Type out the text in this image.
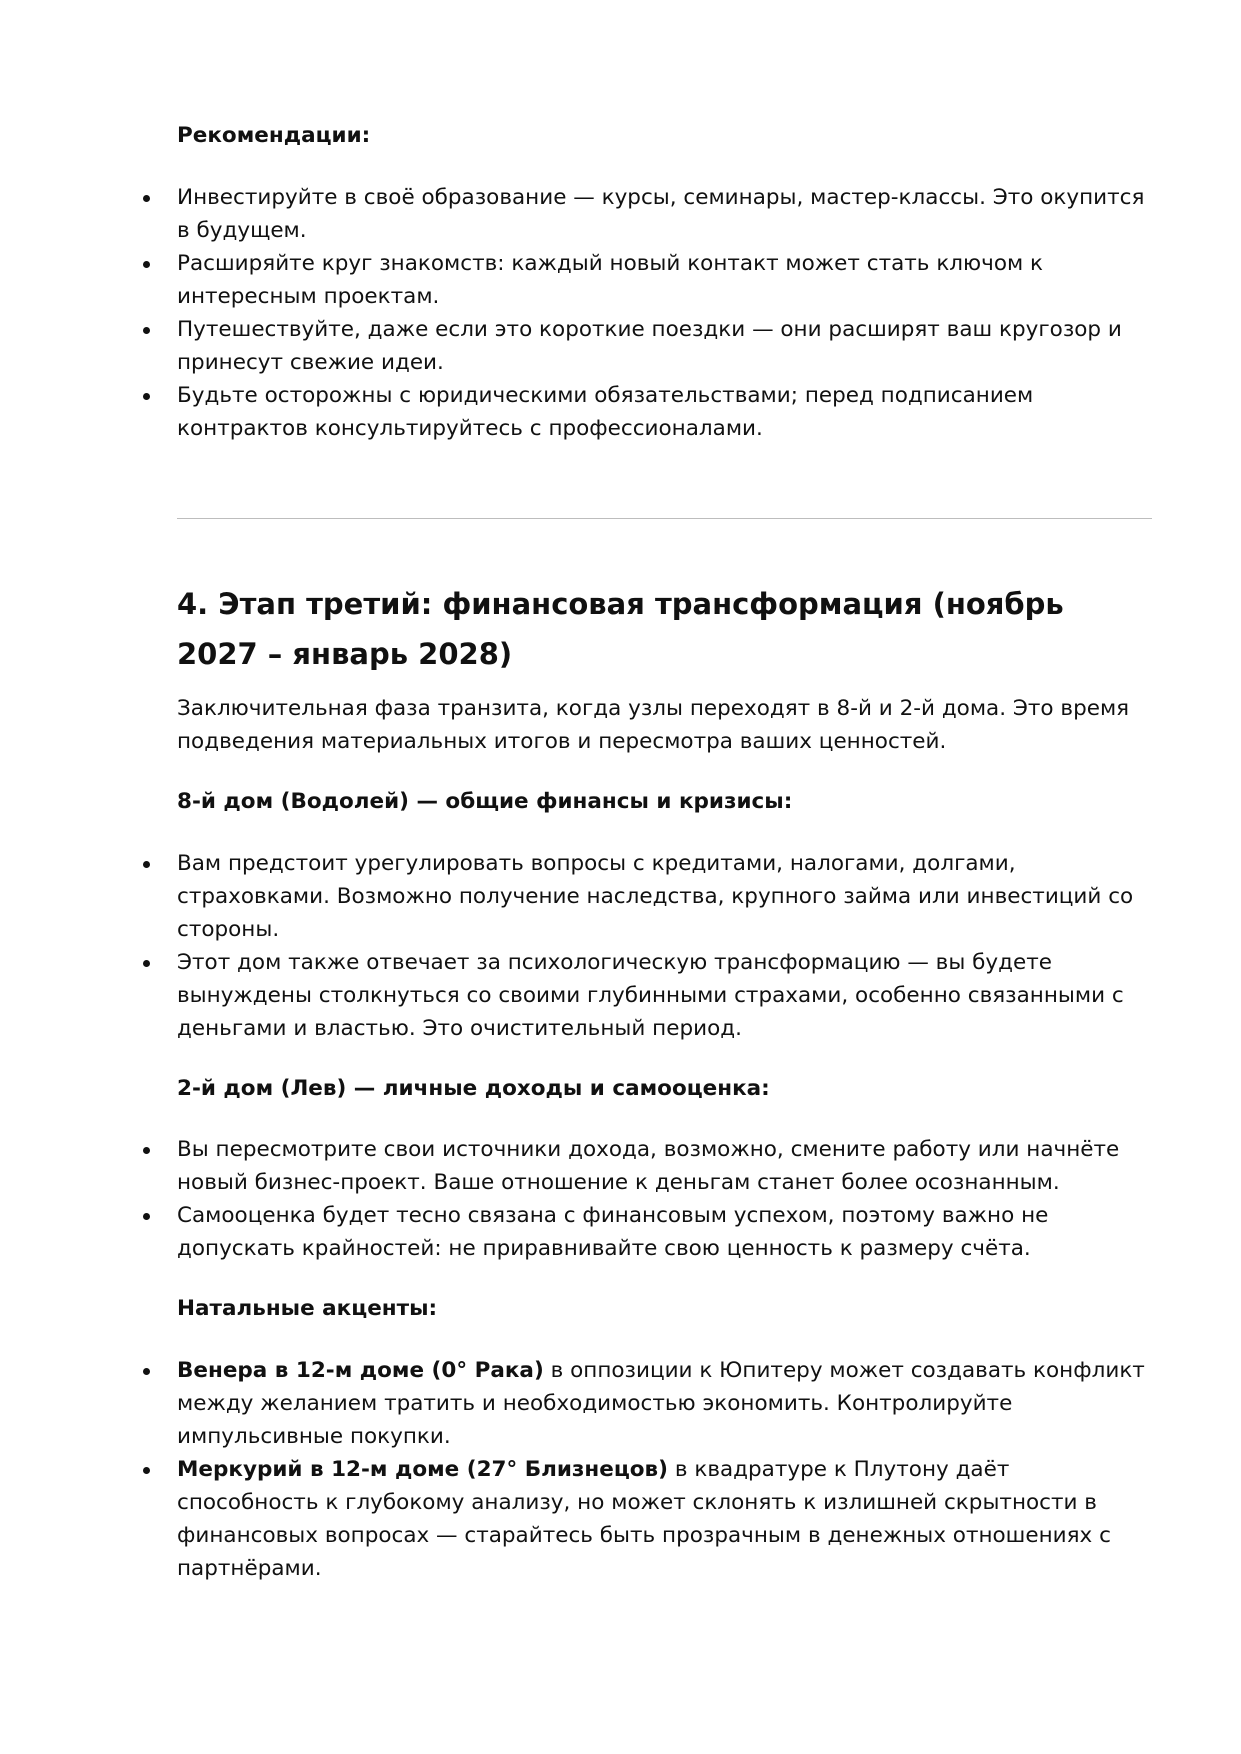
Рекомендации:

Инвестируйте в своё образование — курсы, семинары, мастер-классы. Это окупится в будущем.
Расширяйте круг знакомств: каждый новый контакт может стать ключом к интересным проектам.
Путешествуйте, даже если это короткие поездки — они расширят ваш кругозор и принесут свежие идеи.
Будьте осторожны с юридическими обязательствами; перед подписанием контрактов консультируйтесь с профессионалами.
4. Этап третий: финансовая трансформация (ноябрь 2027 – январь 2028)

Заключительная фаза транзита, когда узлы переходят в 8-й и 2-й дома. Это время подведения материальных итогов и пересмотра ваших ценностей.

8-й дом (Водолей) — общие финансы и кризисы:

Вам предстоит урегулировать вопросы с кредитами, налогами, долгами, страховками. Возможно получение наследства, крупного займа или инвестиций со стороны.
Этот дом также отвечает за психологическую трансформацию — вы будете вынуждены столкнуться со своими глубинными страхами, особенно связанными с деньгами и властью. Это очистительный период.

2-й дом (Лев) — личные доходы и самооценка:

Вы пересмотрите свои источники дохода, возможно, смените работу или начнёте новый бизнес-проект. Ваше отношение к деньгам станет более осознанным.
Самооценка будет тесно связана с финансовым успехом, поэтому важно не допускать крайностей: не приравнивайте свою ценность к размеру счёта.

Натальные акценты:

Венера в 12-м доме (0° Рака) в оппозиции к Юпитеру может создавать конфликт между желанием тратить и необходимостью экономить. Контролируйте импульсивные покупки.
Меркурий в 12-м доме (27° Близнецов) в квадратуре к Плутону даёт способность к глубокому анализу, но может склонять к излишней скрытности в финансовых вопросах — старайтесь быть прозрачным в денежных отношениях с партнёрами.
